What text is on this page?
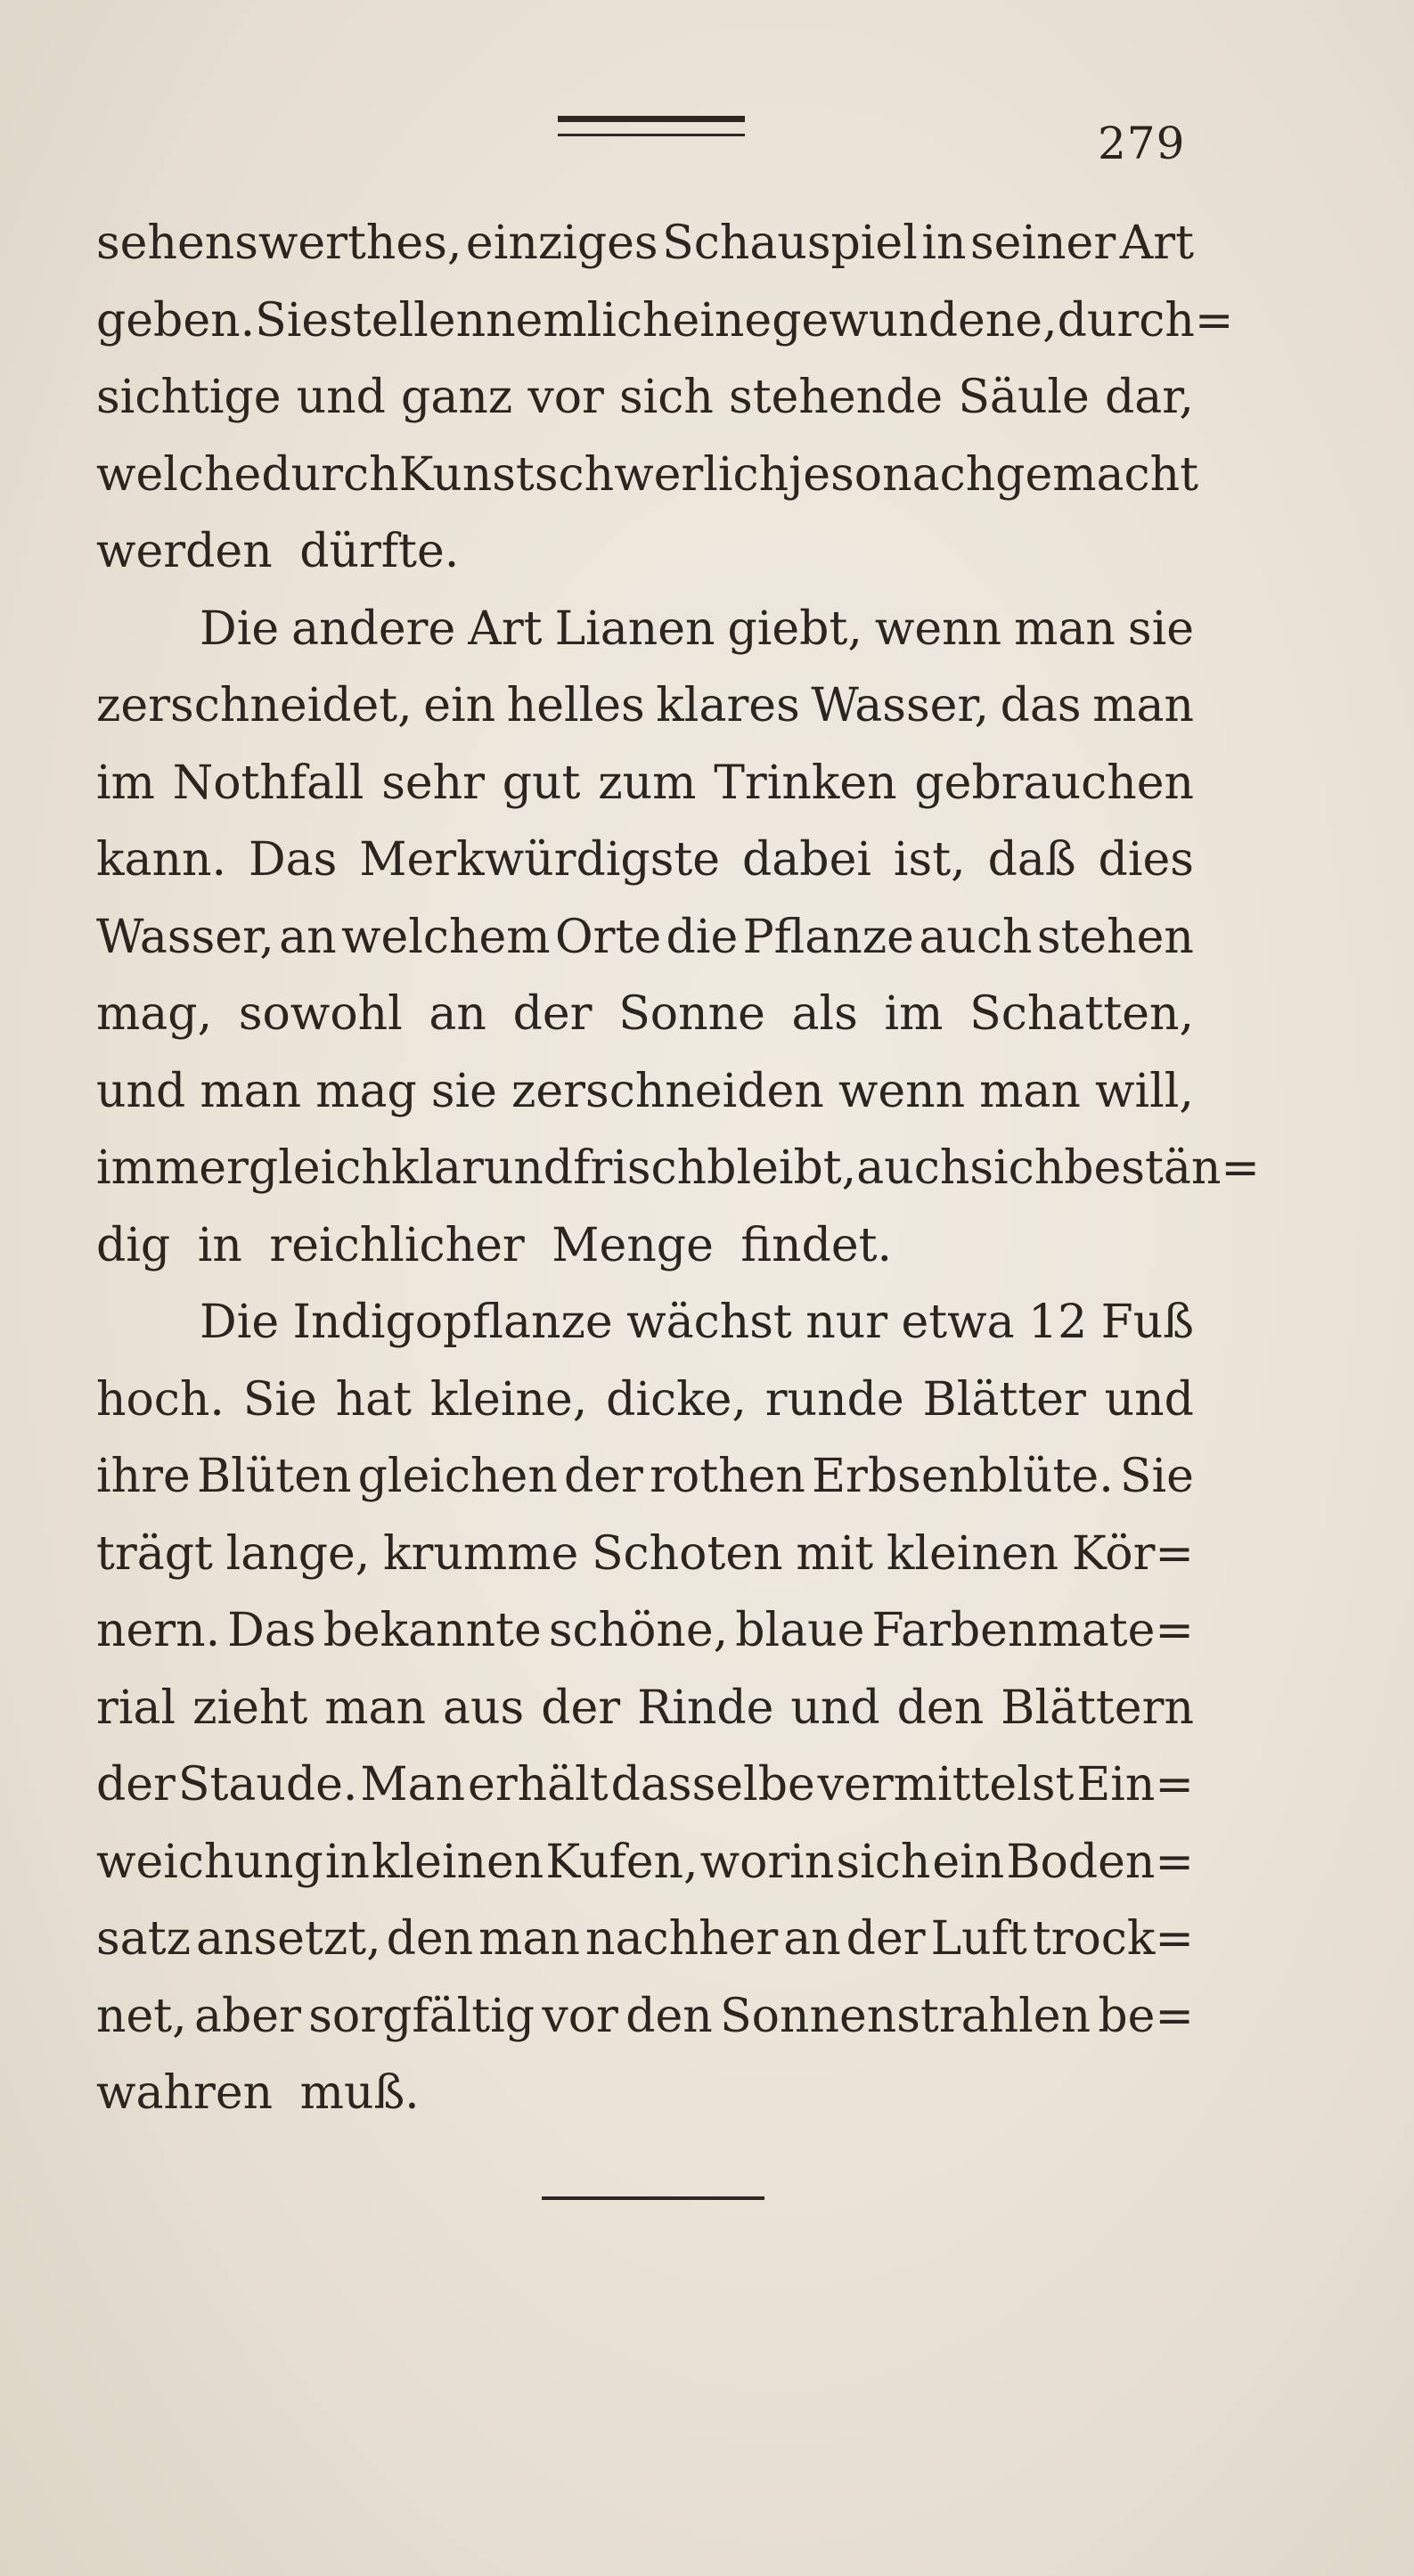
279
sehenswerthes, einziges Schauspiel in seiner Art
geben. Sie stellen nemlich eine gewundene, durch=
sichtige und ganz vor sich stehende Säule dar,
welche durch Kunst schwerlich je so nachgemacht
werden dürfte.
Die andere Art Lianen giebt, wenn man sie
zerschneidet, ein helles klares Wasser, das man
im Nothfall sehr gut zum Trinken gebrauchen
kann. Das Merkwürdigste dabei ist, daß dies
Wasser, an welchem Orte die Pflanze auch stehen
mag, sowohl an der Sonne als im Schatten,
und man mag sie zerschneiden wenn man will,
immer gleich klar und frisch bleibt, auch sich bestän=
dig in reichlicher Menge findet.
Die Indigopflanze wächst nur etwa 12 Fuß
hoch. Sie hat kleine, dicke, runde Blätter und
ihre Blüten gleichen der rothen Erbsenblüte. Sie
trägt lange, krumme Schoten mit kleinen Kör=
nern. Das bekannte schöne, blaue Farbenmate=
rial zieht man aus der Rinde und den Blättern
der Staude. Man erhält dasselbe vermittelst Ein=
weichung in kleinen Kufen, worin sich ein Boden=
satz ansetzt, den man nachher an der Luft trock=
net, aber sorgfältig vor den Sonnenstrahlen be=
wahren muß.
